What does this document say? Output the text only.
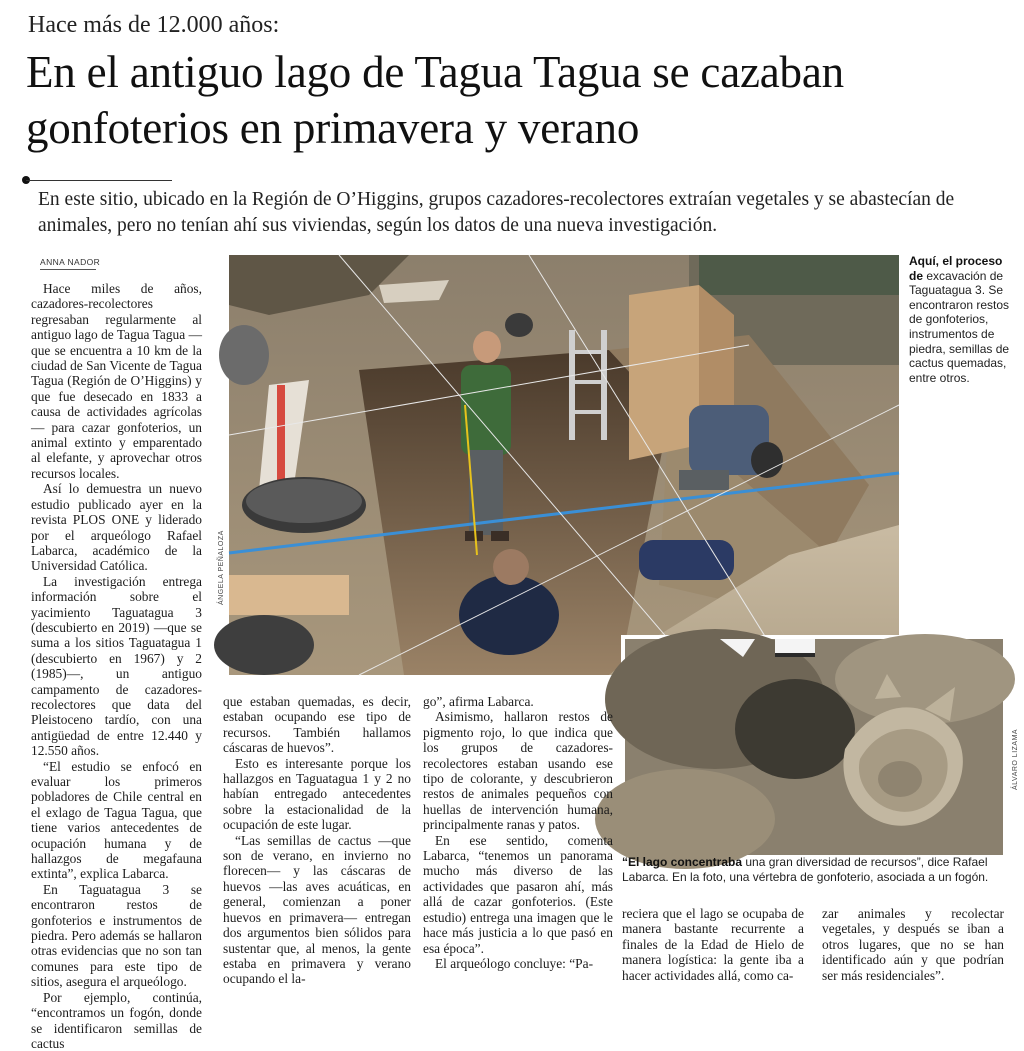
Hace más de 12.000 años:
En el antiguo lago de Tagua Tagua se cazaban gonfoterios en primavera y verano
En este sitio, ubicado en la Región de O’Higgins, grupos cazadores-recolectores extraían vegetales y se abastecían de animales, pero no tenían ahí sus viviendas, según los datos de una nueva investigación.
ANNA NADOR

Hace miles de años, cazadores-recolectores regresaban regularmente al antiguo lago de Tagua Tagua —que se encuentra a 10 km de la ciudad de San Vicente de Tagua Tagua (Región de O’Higgins) y que fue desecado en 1833 a causa de actividades agrícolas— para cazar gonfoterios, un animal extinto y emparentado al elefante, y aprovechar otros recursos locales.

Así lo demuestra un nuevo estudio publicado ayer en la revista PLOS ONE y liderado por el arqueólogo Rafael Labarca, académico de la Universidad Católica.

La investigación entrega información sobre el yacimiento Taguatagua 3 (descubierto en 2019) —que se suma a los sitios Taguatagua 1 (descubierto en 1967) y 2 (1985)—, un antiguo campamento de cazadores-recolectores que data del Pleistoceno tardío, con una antigüedad de entre 12.440 y 12.550 años.

“El estudio se enfocó en evaluar los primeros pobladores de Chile central en el exlago de Tagua Tagua, que tiene varios antecedentes de ocupación humana y de hallazgos de megafauna extinta”, explica Labarca.

En Taguatagua 3 se encontraron restos de gonfoterios e instrumentos de piedra. Pero además se hallaron otras evidencias que no son tan comunes para este tipo de sitios, asegura el arqueólogo.

Por ejemplo, continúa, “encontramos un fogón, donde se identificaron semillas de cactus

ÁNGELA PEÑALOZA
Aquí, el proceso de excavación de Taguatagua 3. Se encontraron restos de gonfoterios, instrumentos de piedra, semillas de cactus quemadas, entre otros.
ÁLVARO LIZAMA
“El lago concentraba una gran diversidad de recursos”, dice Rafael Labarca. En la foto, una vértebra de gonfoterio, asociada a un fogón.

que estaban quemadas, es decir, estaban ocupando ese tipo de recursos. También hallamos cáscaras de huevos”.

Esto es interesante porque los hallazgos en Taguatagua 1 y 2 no habían entregado antecedentes sobre la estacionalidad de la ocupación de este lugar.

“Las semillas de cactus —que son de verano, en invierno no florecen— y las cáscaras de huevos —las aves acuáticas, en general, comienzan a poner huevos en primavera— entregan dos argumentos bien sólidos para sustentar que, al menos, la gente estaba en primavera y verano ocupando el la-

go”, afirma Labarca.

Asimismo, hallaron restos de pigmento rojo, lo que indica que los grupos de cazadores-recolectores estaban usando ese tipo de colorante, y descubrieron restos de animales pequeños con huellas de intervención humana, principalmente ranas y patos.

En ese sentido, comenta Labarca, “tenemos un panorama mucho más diverso de las actividades que pasaron ahí, más allá de cazar gonfoterios. (Este estudio) entrega una imagen que le hace más justicia a lo que pasó en esa época”.

El arqueólogo concluye: “Pa-

reciera que el lago se ocupaba de manera bastante recurrente a finales de la Edad de Hielo de manera logística: la gente iba a hacer actividades allá, como ca-

zar animales y recolectar vegetales, y después se iban a otros lugares, que no se han identificado aún y que podrían ser más residenciales”.
